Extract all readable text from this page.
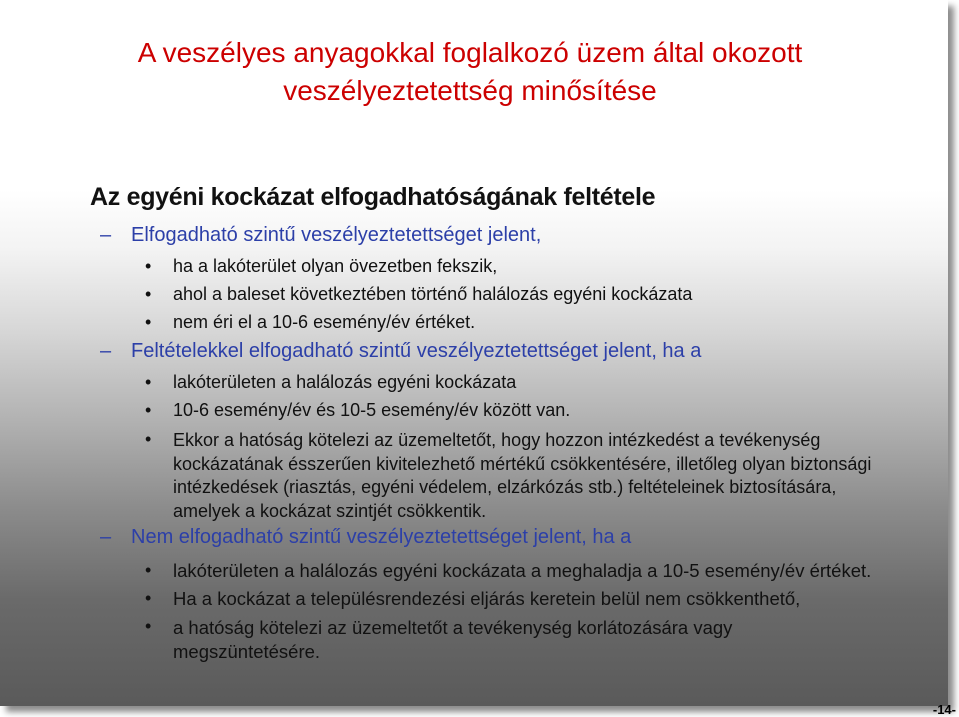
A veszélyes anyagokkal foglalkozó üzem által okozott
veszélyeztetettség minősítése
Az egyéni kockázat elfogadhatóságának feltétele
– Elfogadható szintű veszélyeztetettséget jelent,
• ha a lakóterület olyan övezetben fekszik,
• ahol a baleset következtében történő halálozás egyéni kockázata
• nem éri el a 10-6 esemény/év értéket.
– Feltételekkel elfogadható szintű veszélyeztetettséget jelent, ha a
• lakóterületen a halálozás egyéni kockázata
• 10-6 esemény/év és 10-5 esemény/év között van.
• Ekkor a hatóság kötelezi az üzemeltetőt, hogy hozzon intézkedést a tevékenység kockázatának ésszerűen kivitelezhető mértékű csökkentésére, illetőleg olyan biztonsági intézkedések (riasztás, egyéni védelem, elzárkózás stb.) feltételeinek biztosítására, amelyek a kockázat szintjét csökkentik.
– Nem elfogadható szintű veszélyeztetettséget jelent, ha a
• lakóterületen a halálozás egyéni kockázata a meghaladja a 10-5 esemény/év értéket.
• Ha a kockázat a településrendezési eljárás keretein belül nem csökkenthető,
• a hatóság kötelezi az üzemeltetőt a tevékenység korlátozására vagy megszüntetésére.
-14-
